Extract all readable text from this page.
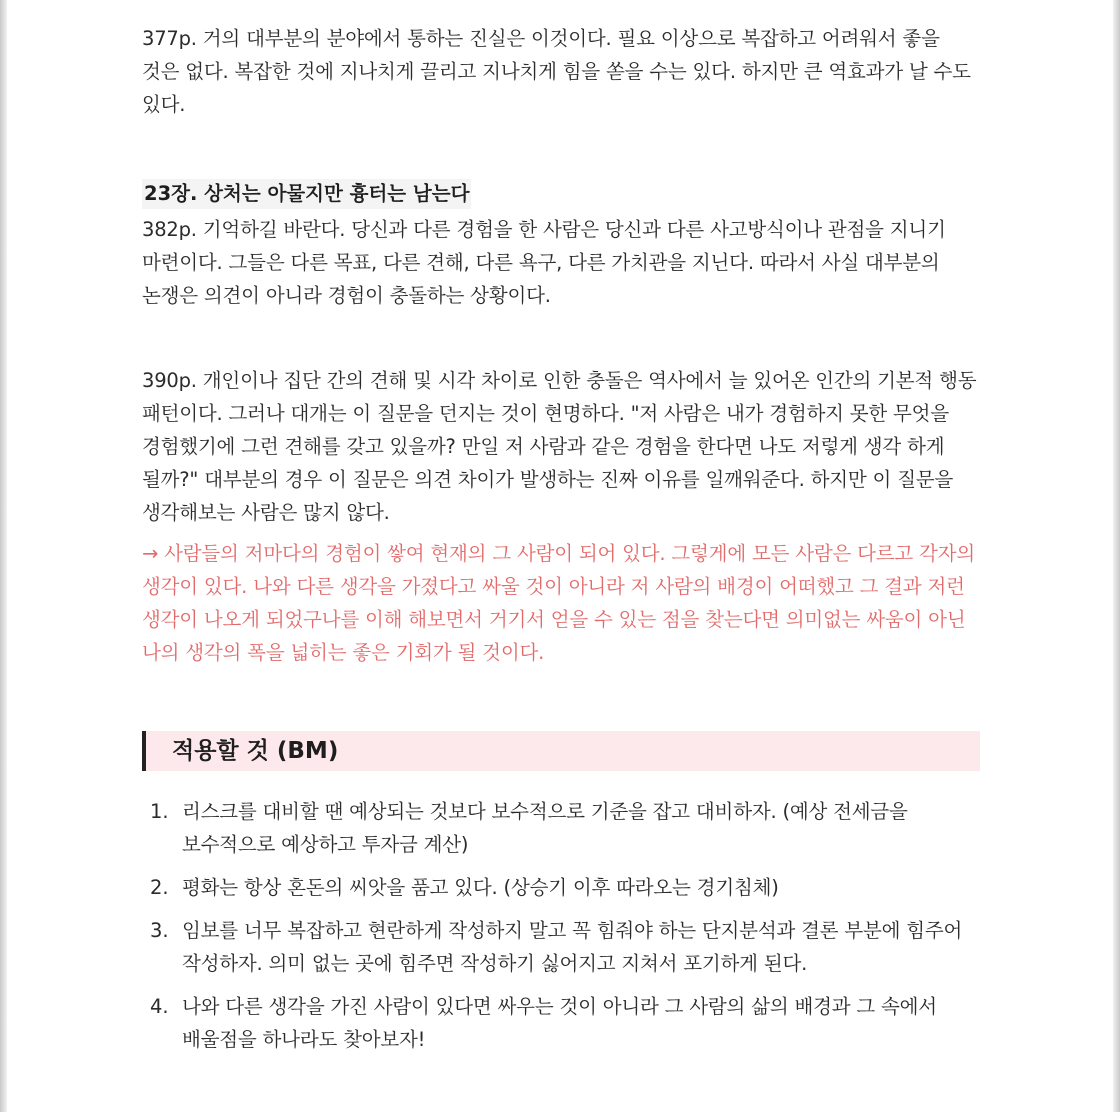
377p. 거의 대부분의 분야에서 통하는 진실은 이것이다. 필요 이상으로 복잡하고 어려워서 좋을 것은 없다. 복잡한 것에 지나치게 끌리고 지나치게 힘을 쏟을 수는 있다. 하지만 큰 역효과가 날 수도 있다.

23장. 상처는 아물지만 흉터는 남는다

382p. 기억하길 바란다. 당신과 다른 경험을 한 사람은 당신과 다른 사고방식이나 관점을 지니기 마련이다. 그들은 다른 목표, 다른 견해, 다른 욕구, 다른 가치관을 지닌다. 따라서 사실 대부분의 논쟁은 의견이 아니라 경험이 충돌하는 상황이다.

390p. 개인이나 집단 간의 견해 및 시각 차이로 인한 충돌은 역사에서 늘 있어온 인간의 기본적 행동 패턴이다. 그러나 대개는 이 질문을 던지는 것이 현명하다. "저 사람은 내가 경험하지 못한 무엇을 경험했기에 그런 견해를 갖고 있을까? 만일 저 사람과 같은 경험을 한다면 나도 저렇게 생각 하게 될까?" 대부분의 경우 이 질문은 의견 차이가 발생하는 진짜 이유를 일깨워준다. 하지만 이 질문을 생각해보는 사람은 많지 않다.

→ 사람들의 저마다의 경험이 쌓여 현재의 그 사람이 되어 있다. 그렇게에 모든 사람은 다르고 각자의 생각이 있다. 나와 다른 생각을 가졌다고 싸울 것이 아니라 저 사람의 배경이 어떠했고 그 결과 저런 생각이 나오게 되었구나를 이해 해보면서 거기서 얻을 수 있는 점을 찾는다면 의미없는 싸움이 아닌 나의 생각의 폭을 넓히는 좋은 기회가 될 것이다.

적용할 것 (BM)
1. 리스크를 대비할 땐 예상되는 것보다 보수적으로 기준을 잡고 대비하자. (예상 전세금을 보수적으로 예상하고 투자금 계산)

2. 평화는 항상 혼돈의 씨앗을 품고 있다. (상승기 이후 따라오는 경기침체)

3. 임보를 너무 복잡하고 현란하게 작성하지 말고 꼭 힘줘야 하는 단지분석과 결론 부분에 힘주어 작성하자. 의미 없는 곳에 힘주면 작성하기 싫어지고 지쳐서 포기하게 된다.

4. 나와 다른 생각을 가진 사람이 있다면 싸우는 것이 아니라 그 사람의 삶의 배경과 그 속에서 배울점을 하나라도 찾아보자!
